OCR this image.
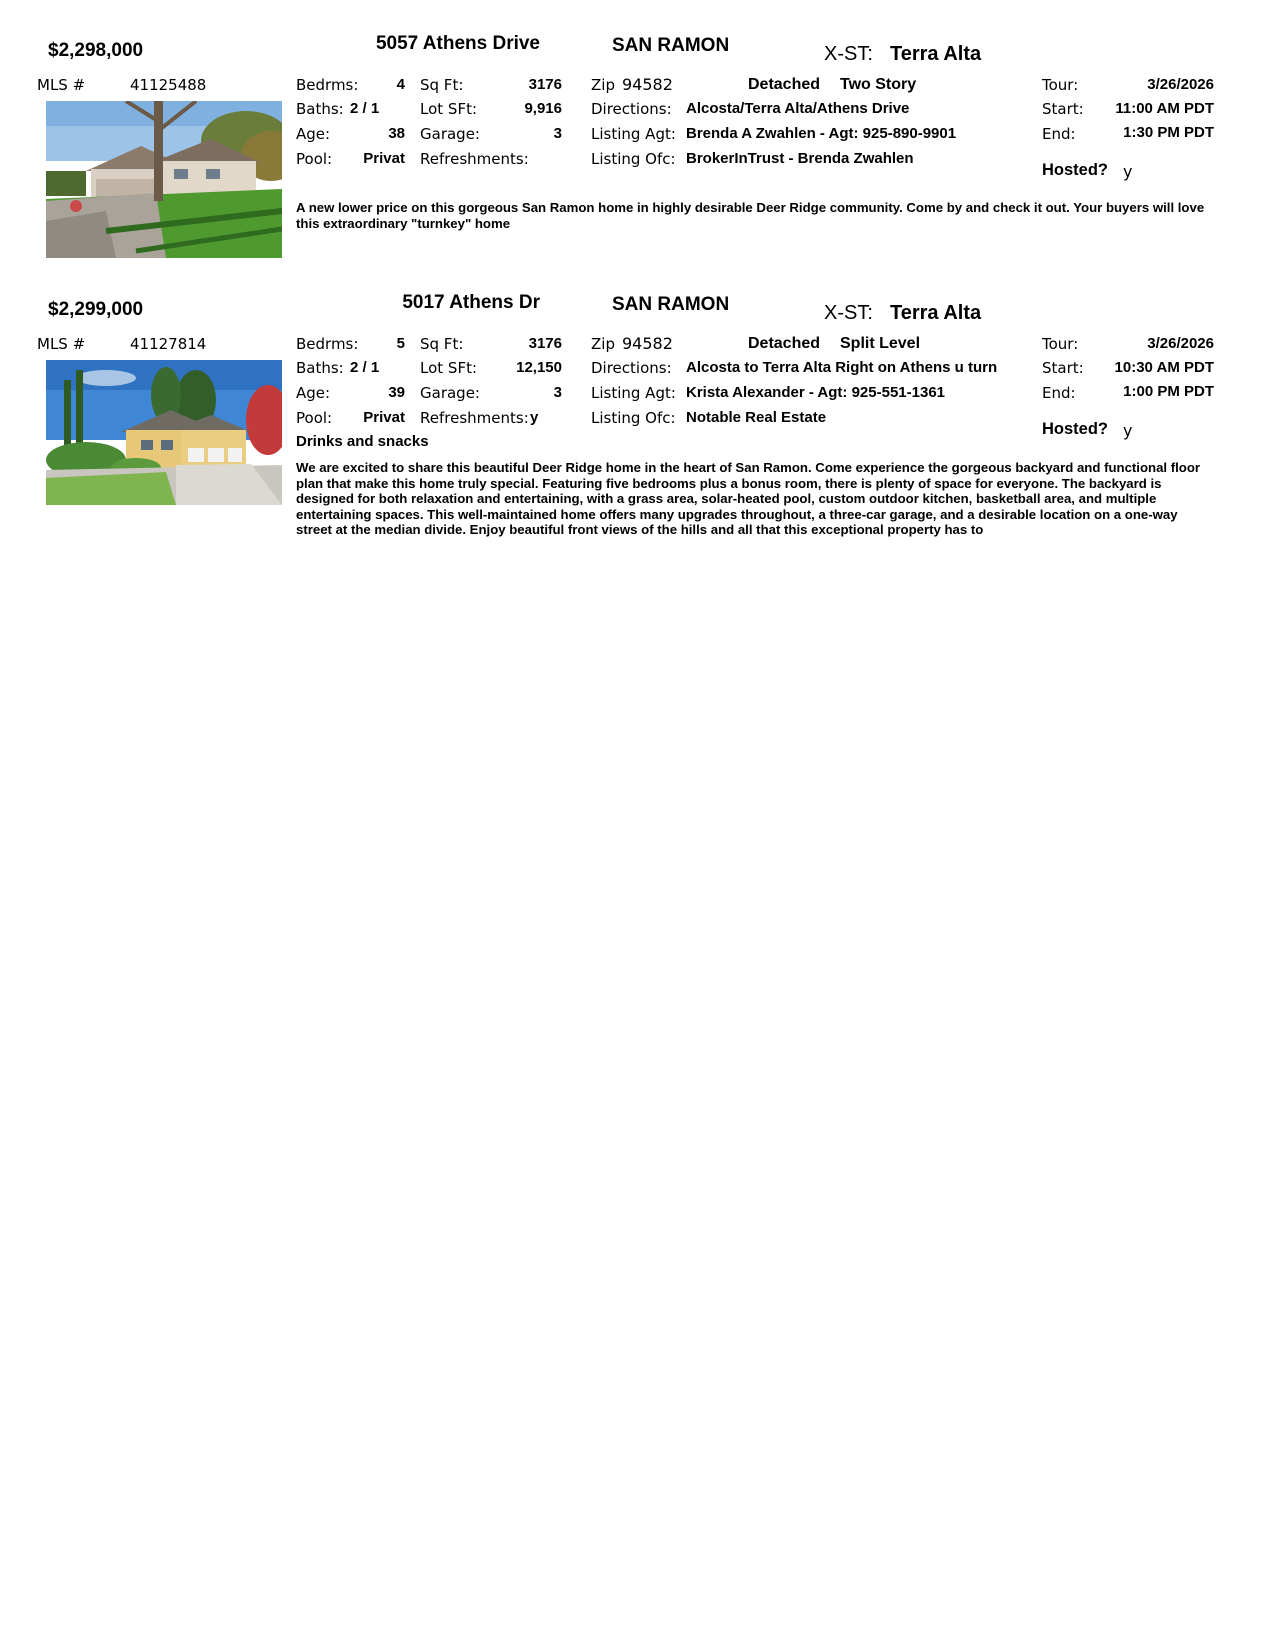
$2,298,000	5057 Athens Drive	SAN RAMON	X-ST: Terra Alta
MLS #	41125488	Bedrms:	4
Baths: 2 / 1
Age:	38
Pool:	Privat
Sq Ft:	3176
Lot SFt:	9,916
Garage:	3
Refreshments:
Zip 94582	Detached Two Story
Directions: Alcosta/Terra Alta/Athens Drive
Listing Agt: Brenda A Zwahlen - Agt: 925-890-9901
Listing Ofc: BrokerInTrust - Brenda Zwahlen
Tour:	3/26/2026
Start:	11:00 AM PDT
End:	1:30 PM PDT
Hosted? y
A new lower price on this gorgeous San Ramon home in highly desirable Deer Ridge community. Come by and check it out. Your buyers will love this extraordinary "turnkey" home
$2,299,000	5017 Athens Dr	SAN RAMON	X-ST: Terra Alta
MLS #	41127814	Bedrms:	5
Baths: 2 / 1
Age:	39
Pool:	Privat
Sq Ft:	3176
Lot SFt:	12,150
Garage:	3
Refreshments: y
Drinks and snacks
Zip 94582	Detached Split Level
Directions: Alcosta to Terra Alta Right on Athens u turn
Listing Agt: Krista Alexander - Agt: 925-551-1361
Listing Ofc: Notable Real Estate
Tour:	3/26/2026
Start:	10:30 AM PDT
End:	1:00 PM PDT
Hosted? y
We are excited to share this beautiful Deer Ridge home in the heart of San Ramon. Come experience the gorgeous backyard and functional floor plan that make this home truly special. Featuring five bedrooms plus a bonus room, there is plenty of space for everyone. The backyard is designed for both relaxation and entertaining, with a grass area, solar-heated pool, custom outdoor kitchen, basketball area, and multiple entertaining spaces. This well-maintained home offers many upgrades throughout, a three-car garage, and a desirable location on a one-way street at the median divide. Enjoy beautiful front views of the hills and all that this exceptional property has to
